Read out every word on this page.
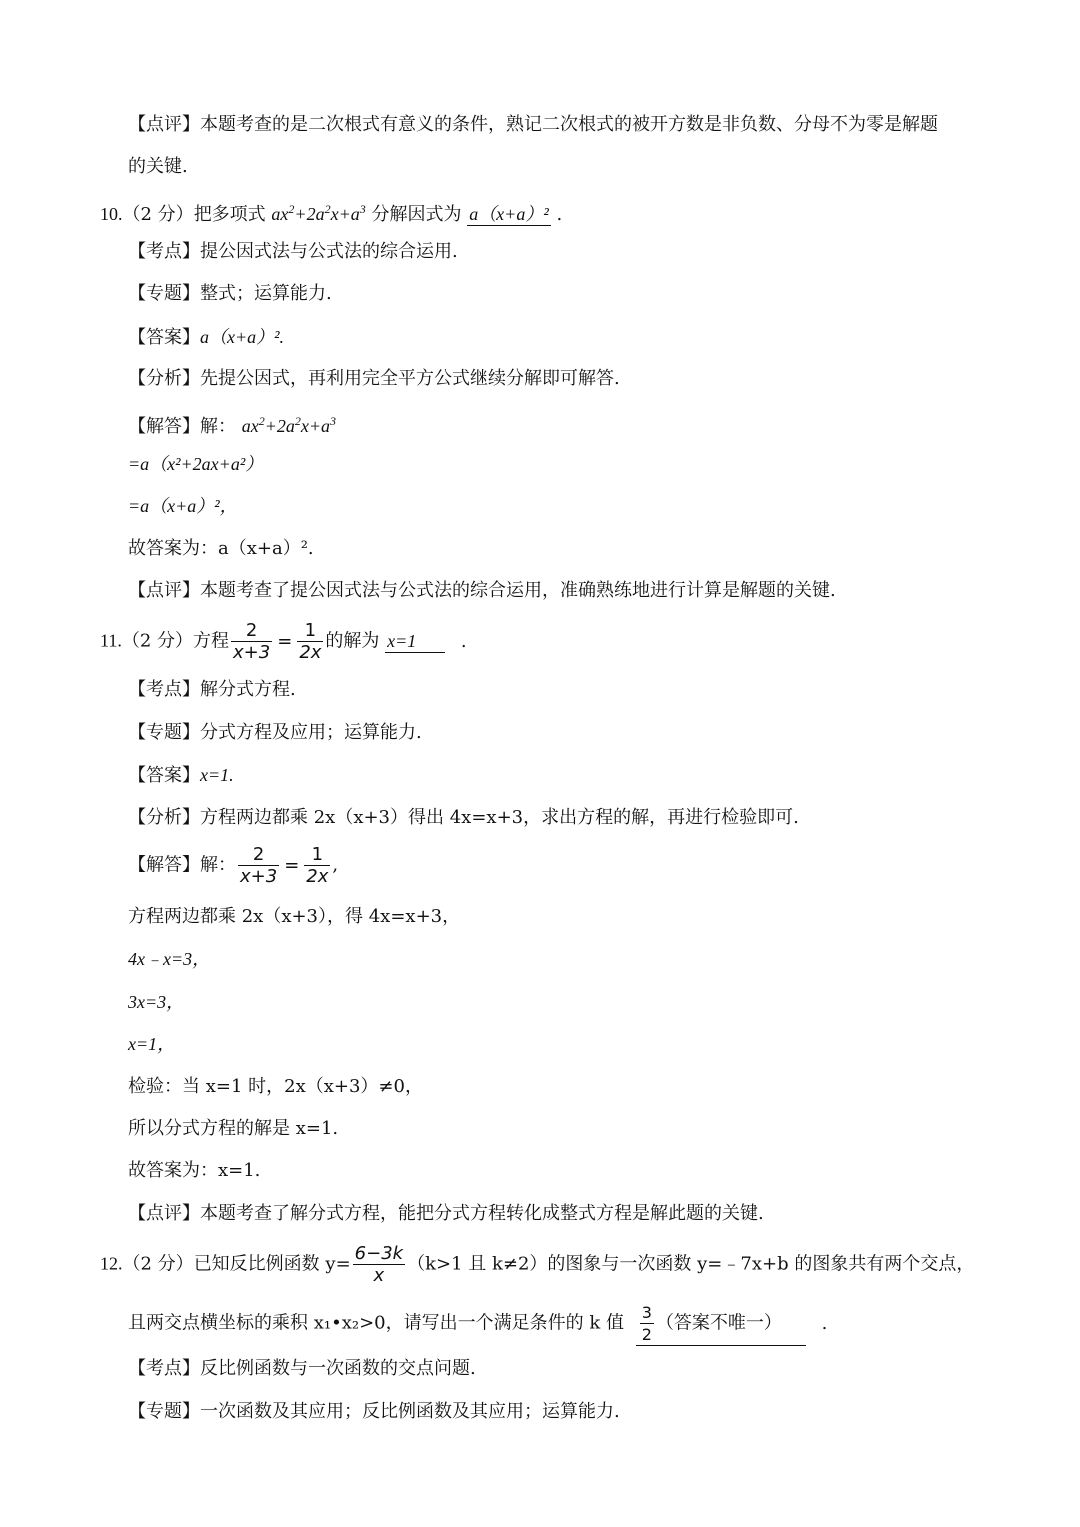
【点评】本题考查的是二次根式有意义的条件，熟记二次根式的被开方数是非负数、分母不为零是解题
的关键.
10.（2 分）把多项式 $ax^2+2a^2x+a^3$ 分解因式为 a（x+a）² .
【考点】提公因式法与公式法的综合运用.
【专题】整式；运算能力.
【答案】a（x+a）².
【分析】先提公因式，再利用完全平方公式继续分解即可解答.
【解答】解： $ax^2+2a^2x+a^3$
=a（x²+2ax+a²）
=a（x+a）²，
故答案为：a（x+a）².
【点评】本题考查了提公因式法与公式法的综合运用，准确熟练地进行计算是解题的关键.
11.（2 分）方程 $\frac{2}{x+3} = \frac{1}{2x}$ 的解为 x=1 .
【考点】解分式方程.
【专题】分式方程及应用；运算能力.
【答案】x=1.
【分析】方程两边都乘 2x（x+3）得出 4x=x+3，求出方程的解，再进行检验即可.
【解答】解： $\frac{2}{x+3} = \frac{1}{2x}$ ,
方程两边都乘 2x（x+3），得 4x=x+3，
4x﹣x=3，
3x=3，
x=1，
检验：当 x=1 时，2x（x+3）≠0，
所以分式方程的解是 x=1.
故答案为：x=1.
【点评】本题考查了解分式方程，能把分式方程转化成整式方程是解此题的关键.
12.（2 分）已知反比例函数 $y= \frac{6-3k}{x} (k>1$ 且 k≠2）的图象与一次函数 y=﹣7x+b 的图象共有两个交点，
且两交点横坐标的乘积 x₁•x₂>0，请写出一个满足条件的 k 值 $\frac{3}{2}$ （答案不唯一） .
【考点】反比例函数与一次函数的交点问题.
【专题】一次函数及其应用；反比例函数及其应用；运算能力.
